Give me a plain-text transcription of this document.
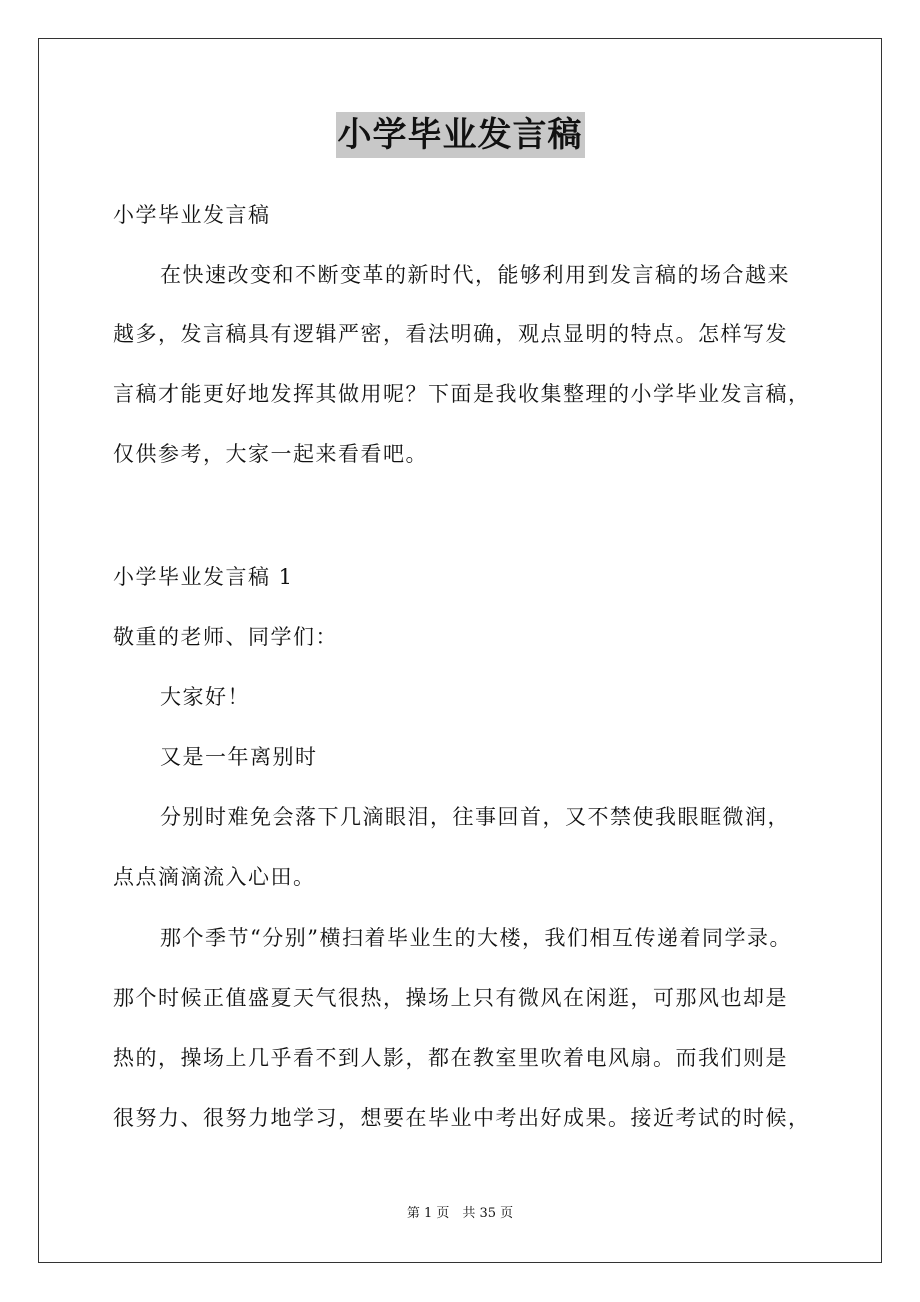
小学毕业发言稿
小学毕业发言稿
在快速改变和不断变革的新时代，能够利用到发言稿的场合越来
越多，发言稿具有逻辑严密，看法明确，观点显明的特点。怎样写发
言稿才能更好地发挥其做用呢？下面是我收集整理的小学毕业发言稿，
仅供参考，大家一起来看看吧。
小学毕业发言稿 1
敬重的老师、同学们：
大家好！
又是一年离别时
分别时难免会落下几滴眼泪，往事回首，又不禁使我眼眶微润，
点点滴滴流入心田。
那个季节“分别”横扫着毕业生的大楼，我们相互传递着同学录。
那个时候正值盛夏天气很热，操场上只有微风在闲逛，可那风也却是
热的，操场上几乎看不到人影，都在教室里吹着电风扇。而我们则是
很努力、很努力地学习，想要在毕业中考出好成果。接近考试的时候，
第 1 页　共 35 页
